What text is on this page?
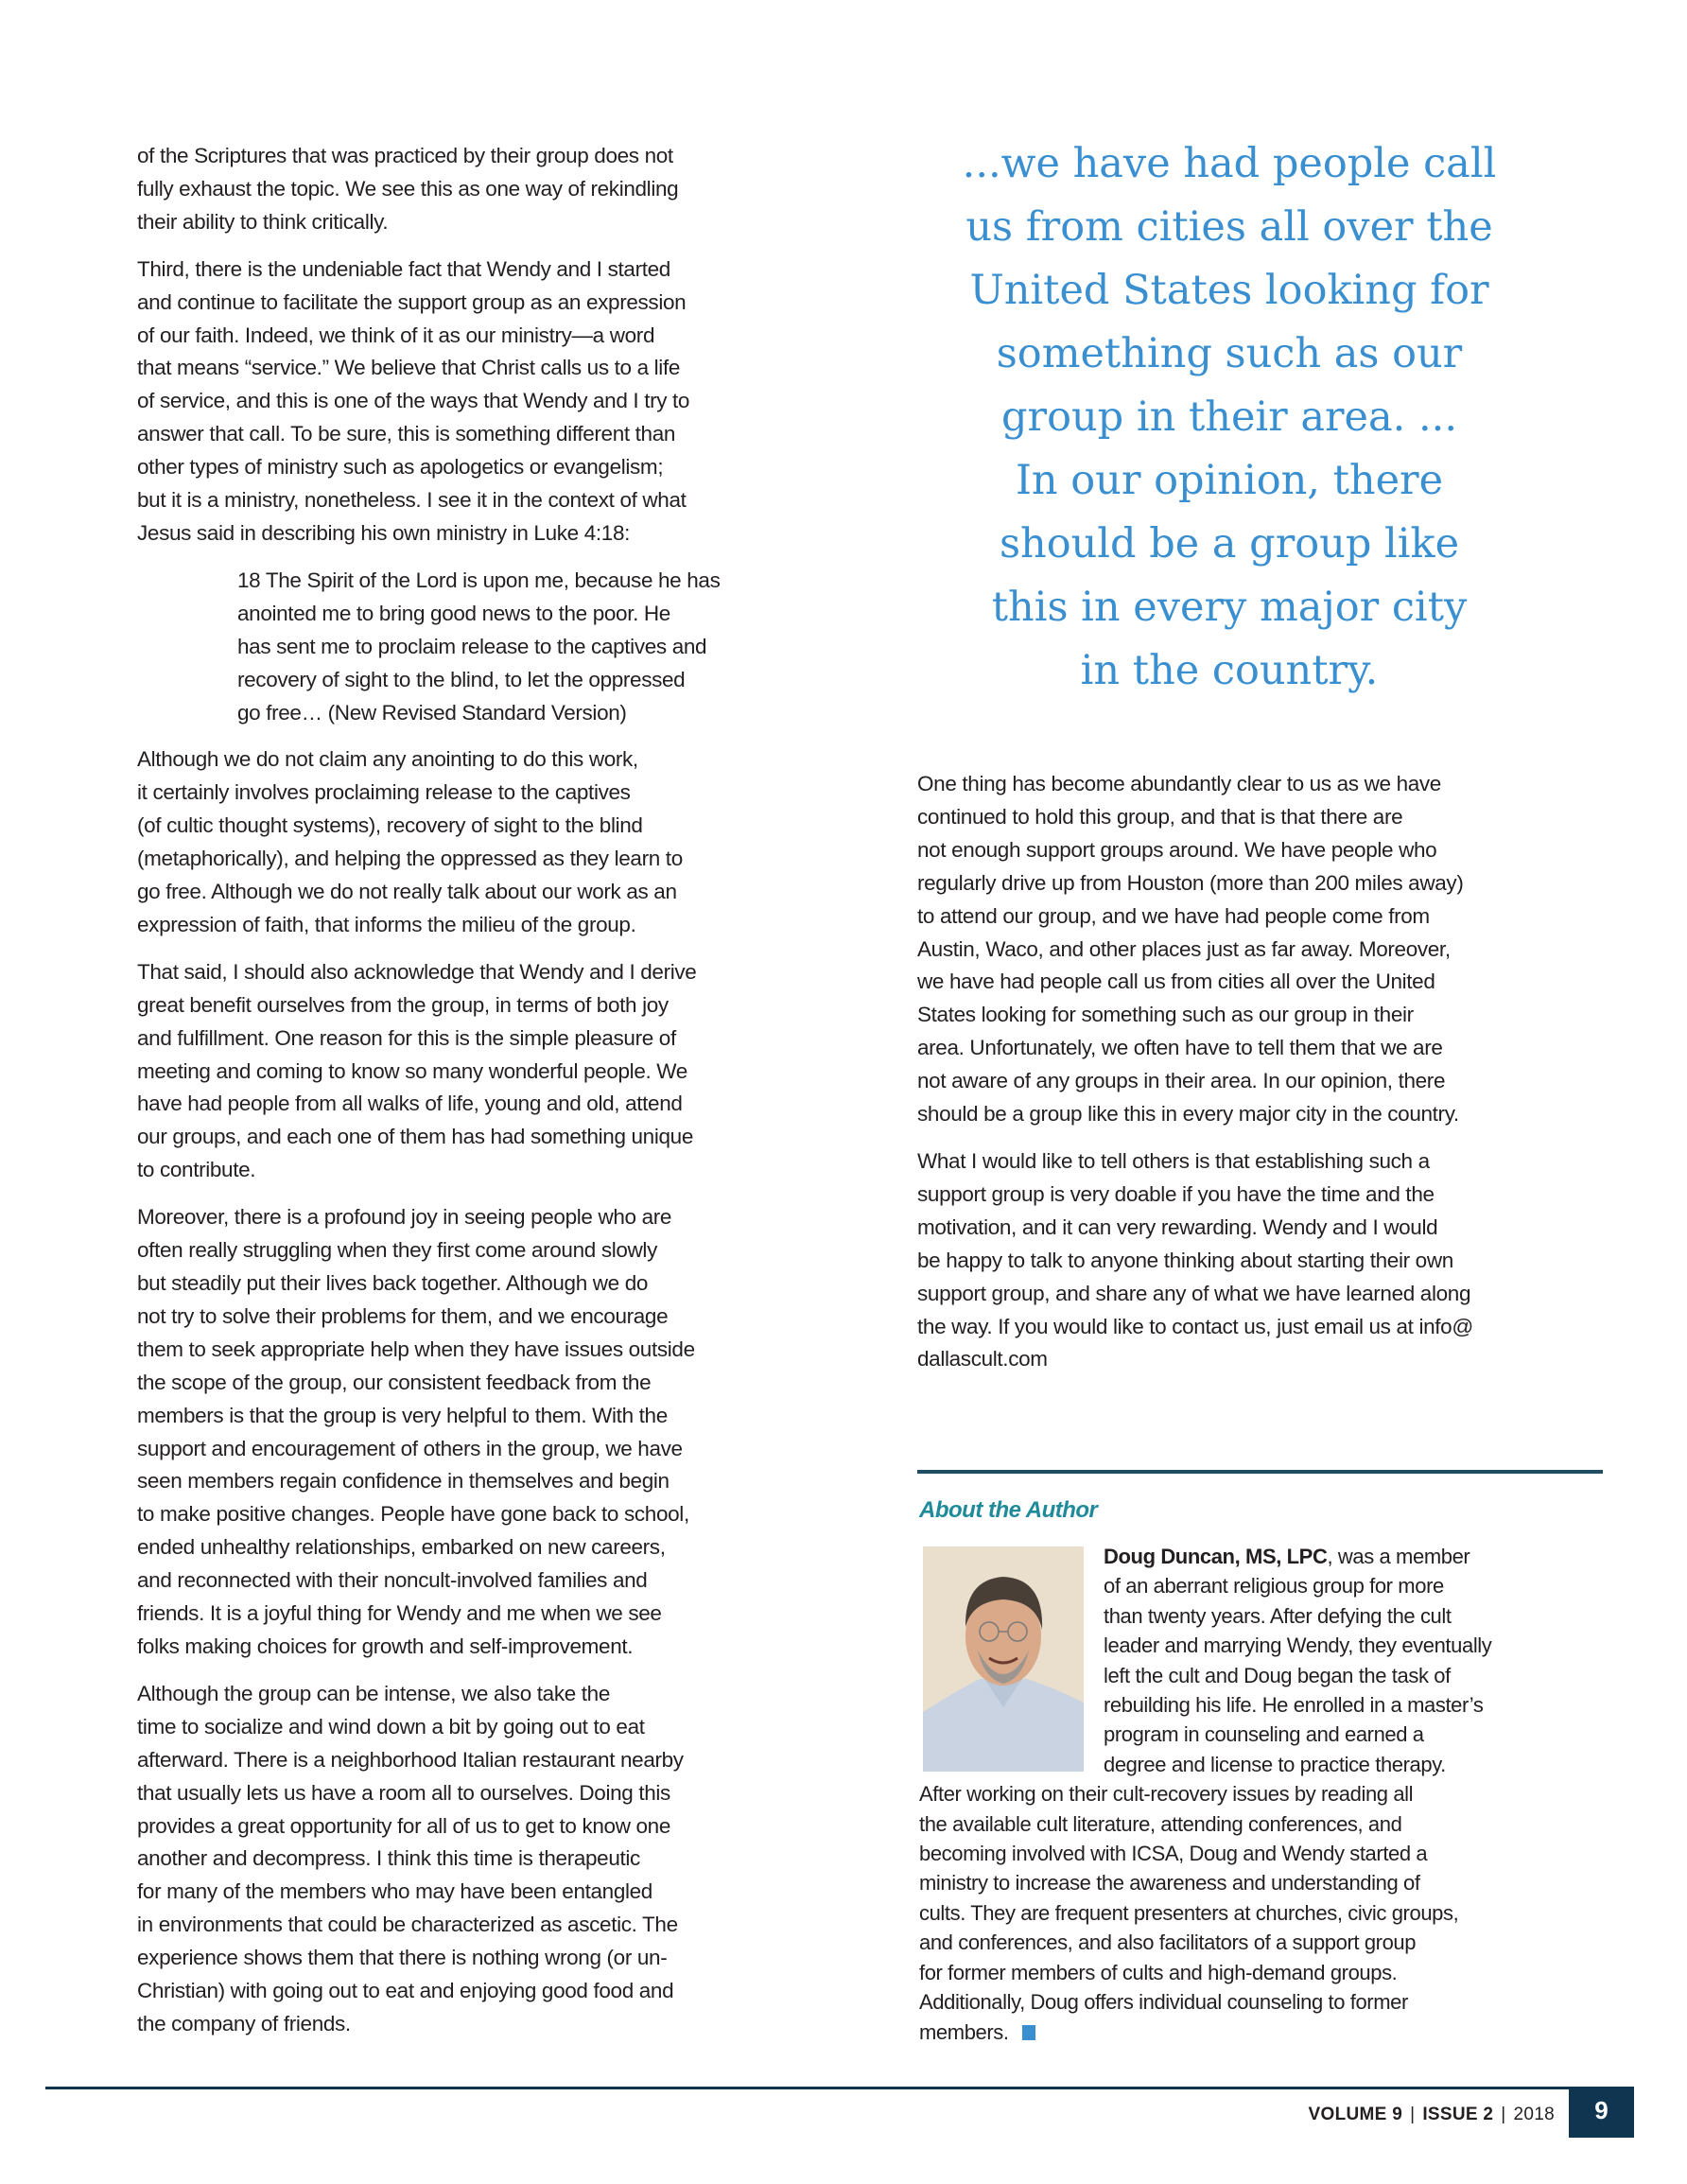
of the Scriptures that was practiced by their group does not
fully exhaust the topic. We see this as one way of rekindling
their ability to think critically.

Third, there is the undeniable fact that Wendy and I started
and continue to facilitate the support group as an expression
of our faith. Indeed, we think of it as our ministry—a word
that means “service.” We believe that Christ calls us to a life
of service, and this is one of the ways that Wendy and I try to
answer that call. To be sure, this is something different than
other types of ministry such as apologetics or evangelism;
but it is a ministry, nonetheless. I see it in the context of what
Jesus said in describing his own ministry in Luke 4:18:

18 The Spirit of the Lord is upon me, because he has
anointed me to bring good news to the poor. He
has sent me to proclaim release to the captives and
recovery of sight to the blind, to let the oppressed
go free… (New Revised Standard Version)

Although we do not claim any anointing to do this work,
it certainly involves proclaiming release to the captives
(of cultic thought systems), recovery of sight to the blind
(metaphorically), and helping the oppressed as they learn to
go free. Although we do not really talk about our work as an
expression of faith, that informs the milieu of the group.

That said, I should also acknowledge that Wendy and I derive
great benefit ourselves from the group, in terms of both joy
and fulfillment. One reason for this is the simple pleasure of
meeting and coming to know so many wonderful people. We
have had people from all walks of life, young and old, attend
our groups, and each one of them has had something unique
to contribute.

Moreover, there is a profound joy in seeing people who are
often really struggling when they first come around slowly
but steadily put their lives back together. Although we do
not try to solve their problems for them, and we encourage
them to seek appropriate help when they have issues outside
the scope of the group, our consistent feedback from the
members is that the group is very helpful to them. With the
support and encouragement of others in the group, we have
seen members regain confidence in themselves and begin
to make positive changes. People have gone back to school,
ended unhealthy relationships, embarked on new careers,
and reconnected with their noncult-involved families and
friends. It is a joyful thing for Wendy and me when we see
folks making choices for growth and self-improvement.

Although the group can be intense, we also take the
time to socialize and wind down a bit by going out to eat
afterward. There is a neighborhood Italian restaurant nearby
that usually lets us have a room all to ourselves. Doing this
provides a great opportunity for all of us to get to know one
another and decompress. I think this time is therapeutic
for many of the members who may have been entangled
in environments that could be characterized as ascetic. The
experience shows them that there is nothing wrong (or un-
Christian) with going out to eat and enjoying good food and
the company of friends.

...we have had people call
us from cities all over the
United States looking for
something such as our
group in their area. ...
In our opinion, there
should be a group like
this in every major city
in the country.

One thing has become abundantly clear to us as we have
continued to hold this group, and that is that there are
not enough support groups around. We have people who
regularly drive up from Houston (more than 200 miles away)
to attend our group, and we have had people come from
Austin, Waco, and other places just as far away. Moreover,
we have had people call us from cities all over the United
States looking for something such as our group in their
area. Unfortunately, we often have to tell them that we are
not aware of any groups in their area. In our opinion, there
should be a group like this in every major city in the country.

What I would like to tell others is that establishing such a
support group is very doable if you have the time and the
motivation, and it can very rewarding. Wendy and I would
be happy to talk to anyone thinking about starting their own
support group, and share any of what we have learned along
the way. If you would like to contact us, just email us at info@
dallascult.com

About the Author
Doug Duncan, MS, LPC, was a member
of an aberrant religious group for more
than twenty years. After defying the cult
leader and marrying Wendy, they eventually
left the cult and Doug began the task of
rebuilding his life. He enrolled in a master’s
program in counseling and earned a
degree and license to practice therapy.
After working on their cult-recovery issues by reading all
the available cult literature, attending conferences, and
becoming involved with ICSA, Doug and Wendy started a
ministry to increase the awareness and understanding of
cults. They are frequent presenters at churches, civic groups,
and conferences, and also facilitators of a support group
for former members of cults and high-demand groups.
Additionally, Doug offers individual counseling to former
members.
VOLUME 9 | ISSUE 2 | 2018	9
